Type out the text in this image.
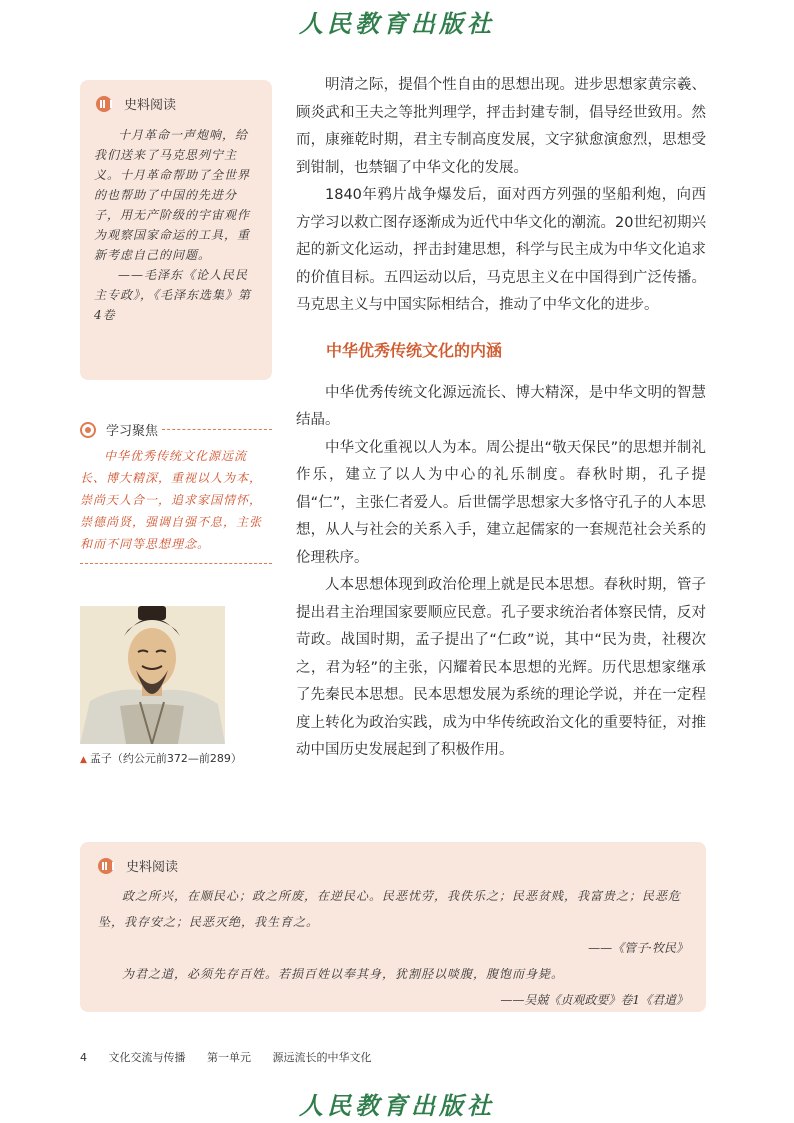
人民教育出版社
史料阅读
十月革命一声炮响，给我们送来了马克思列宁主义。十月革命帮助了全世界的也帮助了中国的先进分子，用无产阶级的宇宙观作为观察国家命运的工具，重新考虑自己的问题。
——毛泽东《论人民民主专政》，《毛泽东选集》第4卷
学习聚焦
中华优秀传统文化源远流长、博大精深，重视以人为本，崇尚天人合一，追求家国情怀，崇德尚贤，强调自强不息，主张和而不同等思想理念。
▲ 孟子（约公元前372—前289）

明清之际，提倡个性自由的思想出现。进步思想家黄宗羲、顾炎武和王夫之等批判理学，抨击封建专制，倡导经世致用。然而，康雍乾时期，君主专制高度发展，文字狱愈演愈烈，思想受到钳制，也禁锢了中华文化的发展。

1840年鸦片战争爆发后，面对西方列强的坚船利炮，向西方学习以救亡图存逐渐成为近代中华文化的潮流。20世纪初期兴起的新文化运动，抨击封建思想，科学与民主成为中华文化追求的价值目标。五四运动以后，马克思主义在中国得到广泛传播。马克思主义与中国实际相结合，推动了中华文化的进步。

中华优秀传统文化的内涵

中华优秀传统文化源远流长、博大精深，是中华文明的智慧结晶。

中华文化重视以人为本。周公提出“敬天保民”的思想并制礼作乐，建立了以人为中心的礼乐制度。春秋时期，孔子提倡“仁”，主张仁者爱人。后世儒学思想家大多恪守孔子的人本思想，从人与社会的关系入手，建立起儒家的一套规范社会关系的伦理秩序。

人本思想体现到政治伦理上就是民本思想。春秋时期，管子提出君主治理国家要顺应民意。孔子要求统治者体察民情，反对苛政。战国时期，孟子提出了“仁政”说，其中“民为贵，社稷次之，君为轻”的主张，闪耀着民本思想的光辉。历代思想家继承了先秦民本思想。民本思想发展为系统的理论学说，并在一定程度上转化为政治实践，成为中华传统政治文化的重要特征，对推动中国历史发展起到了积极作用。

史料阅读
政之所兴，在顺民心；政之所废，在逆民心。民恶忧劳，我佚乐之；民恶贫贱，我富贵之；民恶危坠，我存安之；民恶灭绝，我生育之。
——《管子·牧民》
为君之道，必须先存百姓。若损百姓以奉其身，犹割胫以啖腹，腹饱而身毙。
——吴兢《贞观政要》卷1《君道》
4 文化交流与传播 第一单元 源远流长的中华文化
人民教育出版社
